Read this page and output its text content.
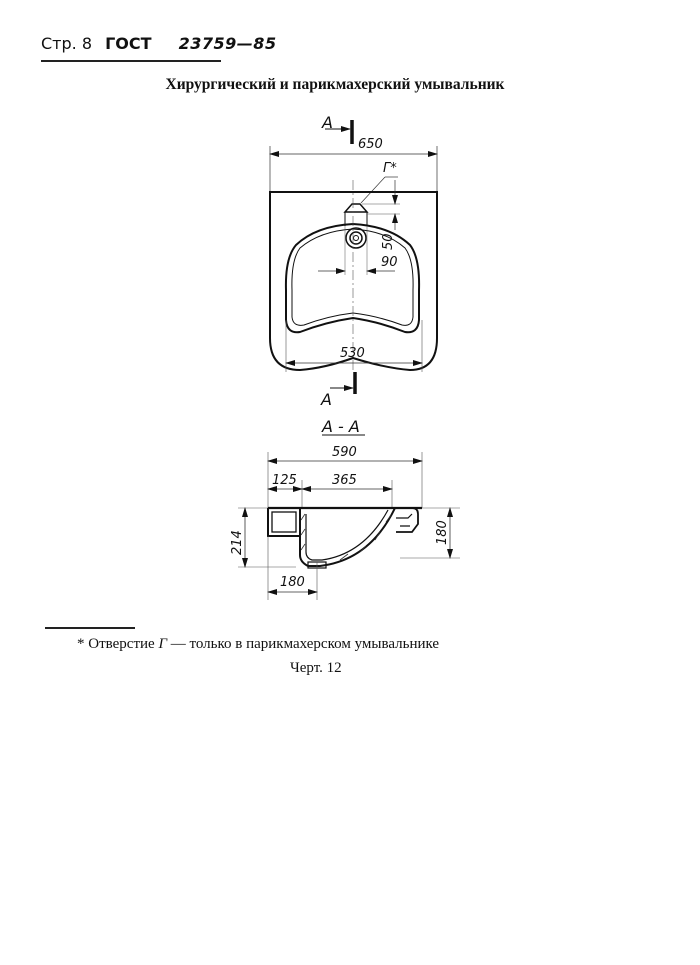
Стр. 8 ГОСТ 23759—85
Хирургический и парикмахерский умывальник
А
650
Г*
50
90
530
А
А - А
590
125	365
214	180
180
* Отверстие Г — только в парикмахерском умывальнике
Черт. 12
